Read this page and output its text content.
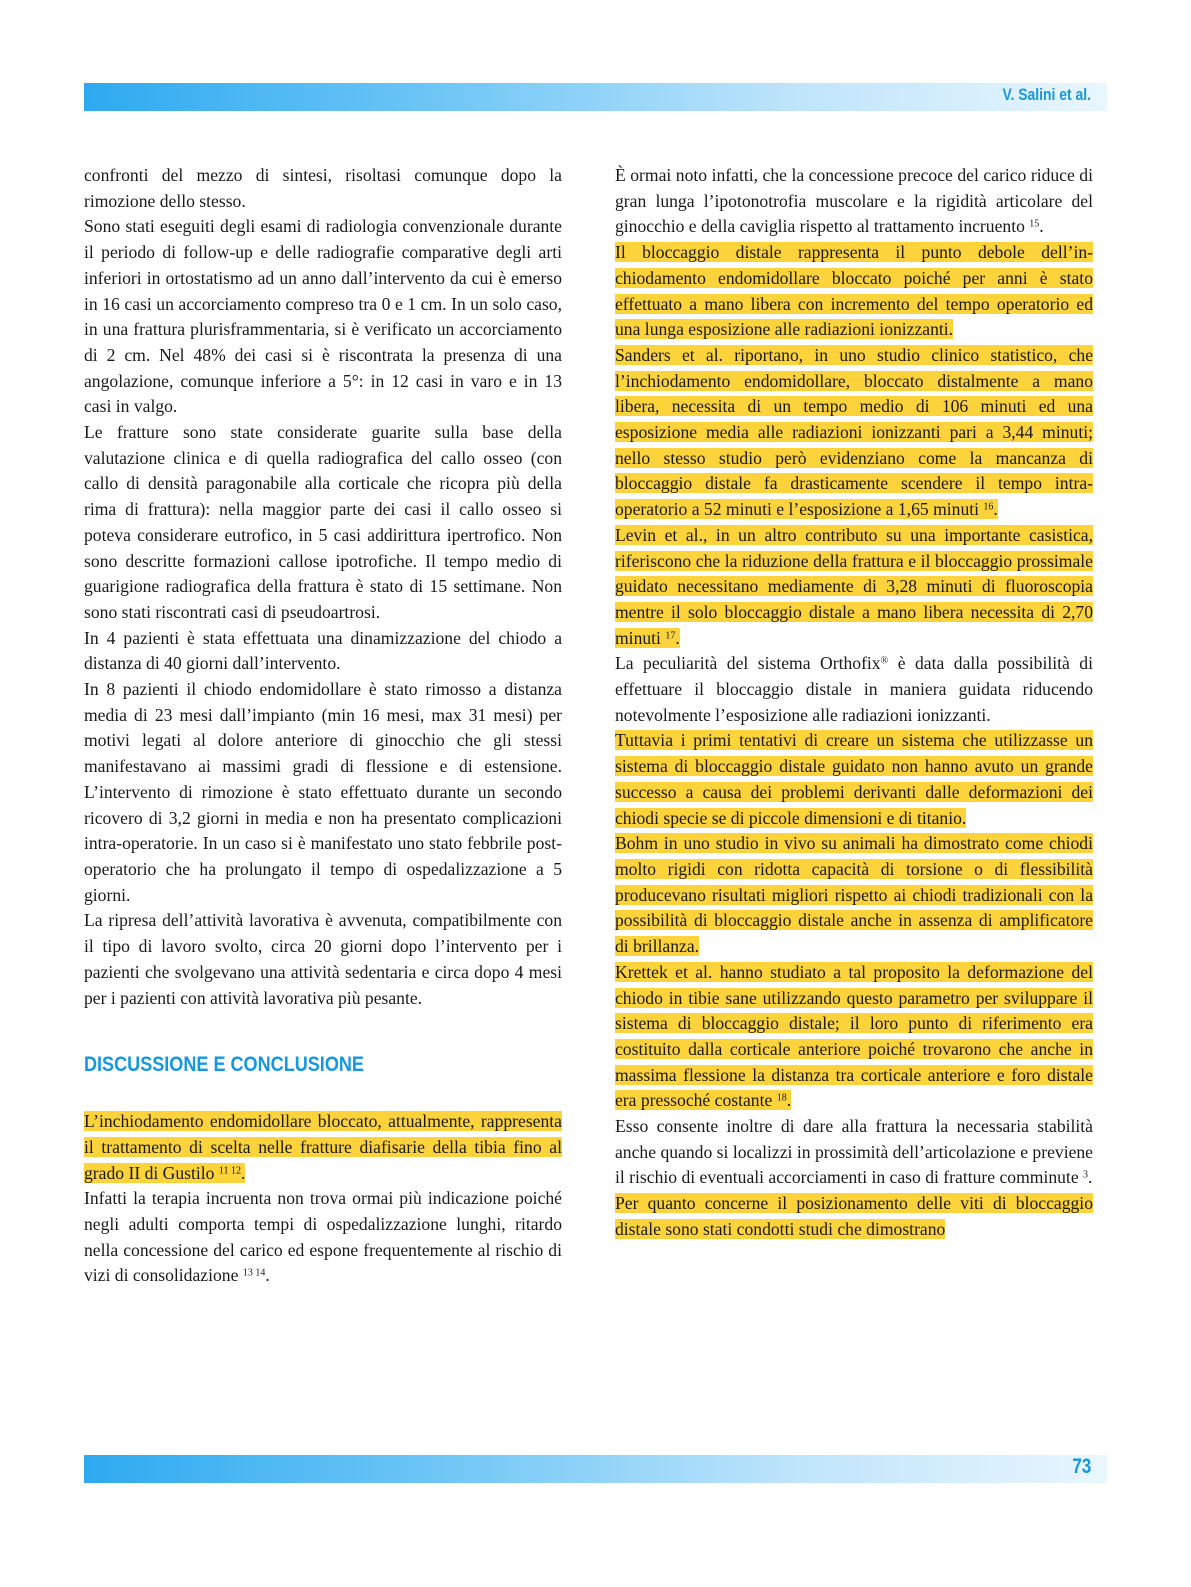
V. Salini et al.

confronti del mezzo di sintesi, risoltasi comunque dopo la rimozione dello stesso.

Sono stati eseguiti degli esami di radiologia convenzionale durante il periodo di follow-up e delle radiografie comparative degli arti inferiori in ortostatismo ad un anno dall’intervento da cui è emerso in 16 casi un accorciamento compreso tra 0 e 1 cm. In un solo caso, in una frattura plurisframmentaria, si è verificato un accorciamento di 2 cm. Nel 48% dei casi si è riscontrata la presenza di una angolazione, comunque inferiore a 5°: in 12 casi in varo e in 13 casi in valgo.

Le fratture sono state considerate guarite sulla base della valutazione clinica e di quella radiografica del callo osseo (con callo di densità paragonabile alla corticale che ricopra più della rima di frattura): nella maggior parte dei casi il callo osseo si poteva considerare eutrofico, in 5 casi addirittura ipertrofico. Non sono descritte formazioni callose ipotrofiche. Il tempo medio di guarigione radiografica della frattura è stato di 15 settimane. Non sono stati riscontrati casi di pseudoartrosi.

In 4 pazienti è stata effettuata una dinamizzazione del chiodo a distanza di 40 giorni dall’intervento.

In 8 pazienti il chiodo endomidollare è stato rimosso a distanza media di 23 mesi dall’impianto (min 16 mesi, max 31 mesi) per motivi legati al dolore anteriore di ginocchio che gli stessi manifestavano ai massimi gradi di flessione e di estensione. L’intervento di rimozione è stato effettuato durante un secondo ricovero di 3,2 giorni in media e non ha presentato complicazioni intra-operatorie. In un caso si è manifestato uno stato febbrile post-operatorio che ha prolungato il tempo di ospedalizzazione a 5 giorni.

La ripresa dell’attività lavorativa è avvenuta, compatibilmente con il tipo di lavoro svolto, circa 20 giorni dopo l’intervento per i pazienti che svolgevano una attività sedentaria e circa dopo 4 mesi per i pazienti con attività lavorativa più pesante.

DISCUSSIONE E CONCLUSIONE

L’inchiodamento endomidollare bloccato, attualmente, rappresenta il trattamento di scelta nelle fratture diafisarie della tibia fino al grado II di Gustilo $^{11 12}$.

Infatti la terapia incruenta non trova ormai più indicazione poiché negli adulti comporta tempi di ospedalizzazione lunghi, ritardo nella concessione del carico ed espone frequentemente al rischio di vizi di consolidazione $^{13 14}$.

È ormai noto infatti, che la concessione precoce del carico riduce di gran lunga l’ipotonotrofia muscolare e la rigidità articolare del ginocchio e della caviglia rispetto al trattamento incruento $^{15}$.

Il bloccaggio distale rappresenta il punto debole dell’inchiodamento endomidollare bloccato poiché per anni è stato effettuato a mano libera con incremento del tempo operatorio ed una lunga esposizione alle radiazioni ionizzanti.

Sanders et al. riportano, in uno studio clinico statistico, che l’inchiodamento endomidollare, bloccato distalmente a mano libera, necessita di un tempo medio di 106 minuti ed una esposizione media alle radiazioni ionizzanti pari a 3,44 minuti; nello stesso studio però evidenziano come la mancanza di bloccaggio distale fa drasticamente scendere il tempo intra-operatorio a 52 minuti e l’esposizione a 1,65 minuti $^{16}$.

Levin et al., in un altro contributo su una importante casistica, riferiscono che la riduzione della frattura e il bloccaggio prossimale guidato necessitano mediamente di 3,28 minuti di fluoroscopia mentre il solo bloccaggio distale a mano libera necessita di 2,70 minuti $^{17}$.

La peculiarità del sistema Orthofix® è data dalla possibilità di effettuare il bloccaggio distale in maniera guidata riducendo notevolmente l’esposizione alle radiazioni ionizzanti.

Tuttavia i primi tentativi di creare un sistema che utilizzasse un sistema di bloccaggio distale guidato non hanno avuto un grande successo a causa dei problemi derivanti dalle deformazioni dei chiodi specie se di piccole dimensioni e di titanio.

Bohm in uno studio in vivo su animali ha dimostrato come chiodi molto rigidi con ridotta capacità di torsione o di flessibilità producevano risultati migliori rispetto ai chiodi tradizionali con la possibilità di bloccaggio distale anche in assenza di amplificatore di brillanza.

Krettek et al. hanno studiato a tal proposito la deformazione del chiodo in tibie sane utilizzando questo parametro per sviluppare il sistema di bloccaggio distale; il loro punto di riferimento era costituito dalla corticale anteriore poiché trovarono che anche in massima flessione la distanza tra corticale anteriore e foro distale era pressoché costante $^{18}$.

Esso consente inoltre di dare alla frattura la necessaria stabilità anche quando si localizzi in prossimità dell’articolazione e previene il rischio di eventuali accorciamenti in caso di fratture comminute $^3$.

Per quanto concerne il posizionamento delle viti di bloccaggio distale sono stati condotti studi che dimostrano

73
